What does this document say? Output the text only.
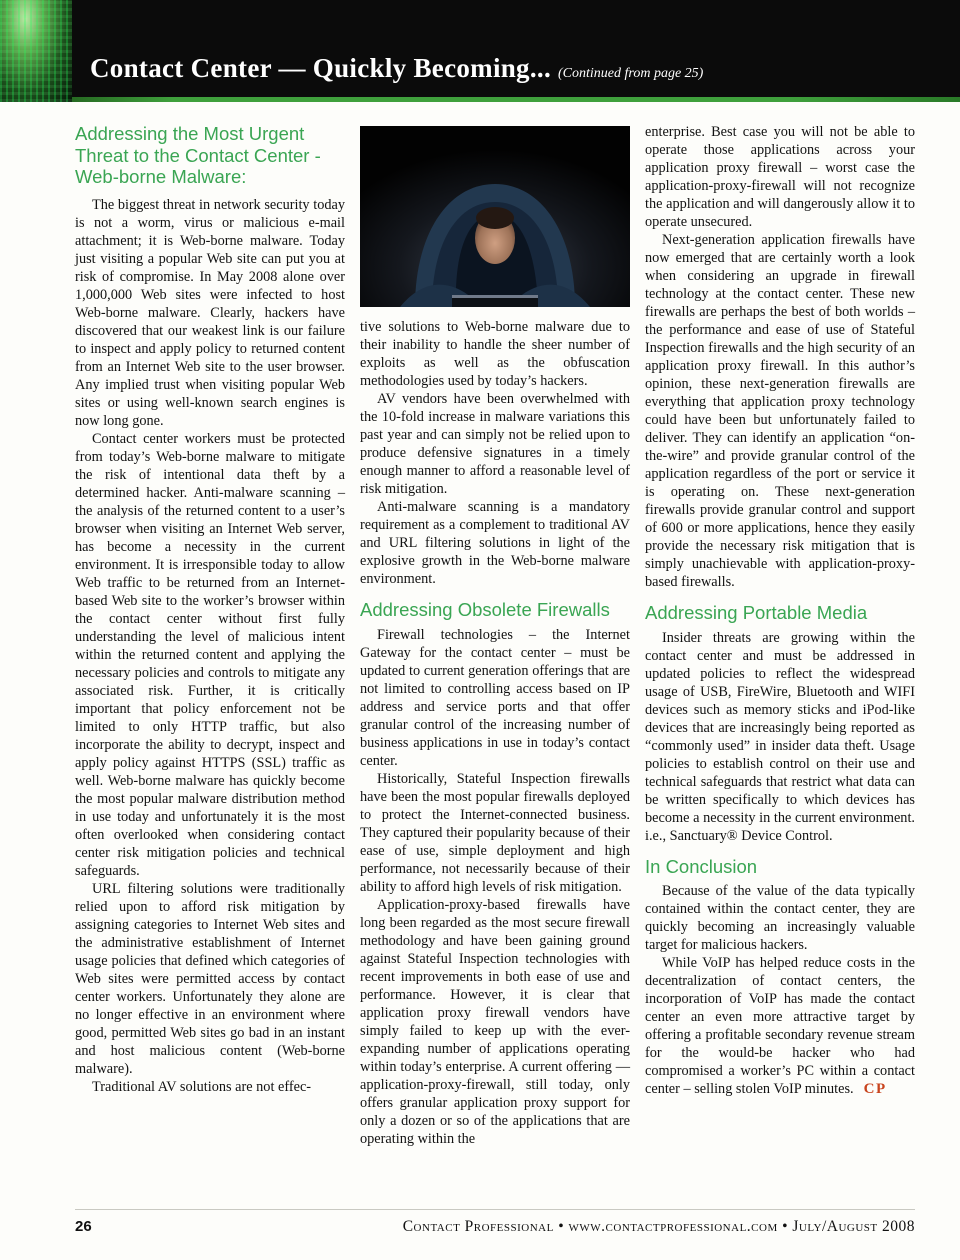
Contact Center — Quickly Becoming... (Continued from page 25)
Addressing the Most Urgent Threat to the Contact Center - Web-borne Malware:

The biggest threat in network security today is not a worm, virus or malicious e-mail attachment; it is Web-borne malware. Today just visiting a popular Web site can put you at risk of compromise. In May 2008 alone over 1,000,000 Web sites were infected to host Web-borne malware. Clearly, hackers have discovered that our weakest link is our failure to inspect and apply policy to returned content from an Internet Web site to the user browser. Any implied trust when visiting popular Web sites or using well-known search engines is now long gone.

Contact center workers must be protected from today’s Web-borne malware to mitigate the risk of intentional data theft by a determined hacker. Anti-malware scanning – the analysis of the returned content to a user’s browser when visiting an Internet Web server, has become a necessity in the current environment. It is irresponsible today to allow Web traffic to be returned from an Internet-based Web site to the worker’s browser within the contact center without first fully understanding the level of malicious intent within the returned content and applying the necessary policies and controls to mitigate any associated risk. Further, it is critically important that policy enforcement not be limited to only HTTP traffic, but also incorporate the ability to decrypt, inspect and apply policy against HTTPS (SSL) traffic as well. Web-borne malware has quickly become the most popular malware distribution method in use today and unfortunately it is the most often overlooked when considering contact center risk mitigation policies and technical safeguards.

URL filtering solutions were traditionally relied upon to afford risk mitigation by assigning categories to Internet Web sites and the administrative establishment of Internet usage policies that defined which categories of Web sites were permitted access by contact center workers. Unfortunately they alone are no longer effective in an environment where good, permitted Web sites go bad in an instant and host malicious content (Web-borne malware).

Traditional AV solutions are not effec-

tive solutions to Web-borne malware due to their inability to handle the sheer number of exploits as well as the obfuscation methodologies used by today’s hackers.

AV vendors have been overwhelmed with the 10-fold increase in malware variations this past year and can simply not be relied upon to produce defensive signatures in a timely enough manner to afford a reasonable level of risk mitigation.

Anti-malware scanning is a mandatory requirement as a complement to traditional AV and URL filtering solutions in light of the explosive growth in the Web-borne malware environment.

Addressing Obsolete Firewalls

Firewall technologies – the Internet Gateway for the contact center – must be updated to current generation offerings that are not limited to controlling access based on IP address and service ports and that offer granular control of the increasing number of business applications in use in today’s contact center.

Historically, Stateful Inspection firewalls have been the most popular firewalls deployed to protect the Internet-connected business. They captured their popularity because of their ease of use, simple deployment and high performance, not necessarily because of their ability to afford high levels of risk mitigation.

Application-proxy-based firewalls have long been regarded as the most secure firewall methodology and have been gaining ground against Stateful Inspection technologies with recent improvements in both ease of use and performance. However, it is clear that application proxy firewall vendors have simply failed to keep up with the ever-expanding number of applications operating within today’s enterprise. A current offering — application-proxy-firewall, still today, only offers granular application proxy support for only a dozen or so of the applications that are operating within the

enterprise. Best case you will not be able to operate those applications across your application proxy firewall – worst case the application-proxy-firewall will not recognize the application and will dangerously allow it to operate unsecured.

Next-generation application firewalls have now emerged that are certainly worth a look when considering an upgrade in firewall technology at the contact center. These new firewalls are perhaps the best of both worlds – the performance and ease of use of Stateful Inspection firewalls and the high security of an application proxy firewall. In this author’s opinion, these next-generation firewalls are everything that application proxy technology could have been but unfortunately failed to deliver. They can identify an application “on-the-wire” and provide granular control of the application regardless of the port or service it is operating on. These next-generation firewalls provide granular control and support of 600 or more applications, hence they easily provide the necessary risk mitigation that is simply unachievable with application-proxy-based firewalls.

Addressing Portable Media

Insider threats are growing within the contact center and must be addressed in updated policies to reflect the widespread usage of USB, FireWire, Bluetooth and WIFI devices such as memory sticks and iPod-like devices that are increasingly being reported as “commonly used” in insider data theft. Usage policies to establish control on their use and technical safeguards that restrict what data can be written specifically to which devices has become a necessity in the current environment. i.e., Sanctuary® Device Control.

In Conclusion

Because of the value of the data typically contained within the contact center, they are quickly becoming an increasingly valuable target for malicious hackers.

While VoIP has helped reduce costs in the decentralization of contact centers, the incorporation of VoIP has made the contact center an even more attractive target by offering a profitable secondary revenue stream for the would-be hacker who had compromised a worker’s PC within a contact center – selling stolen VoIP minutes. CP

26	Contact Professional • www.contactprofessional.com • July/August 2008
